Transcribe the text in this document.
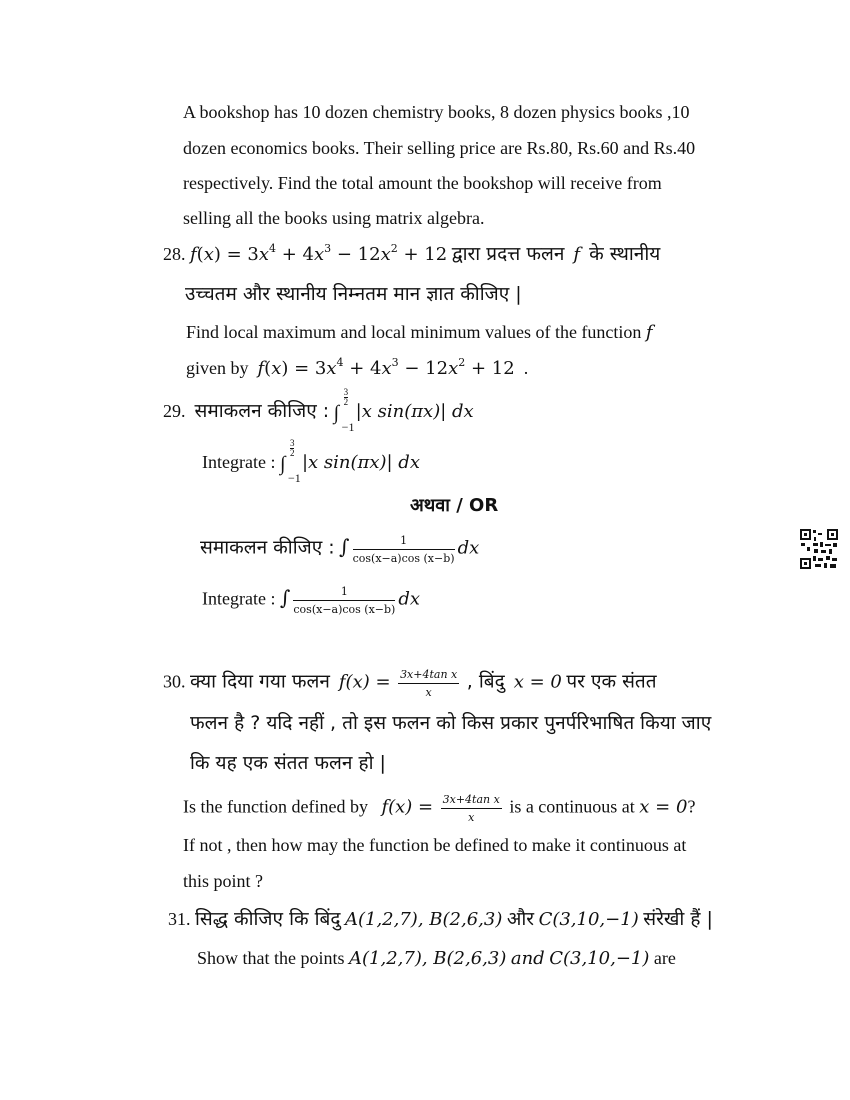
A bookshop has 10 dozen chemistry books, 8 dozen physics books ,10
dozen economics books. Their selling price are Rs.80, Rs.60 and Rs.40
respectively. Find the total amount the bookshop will receive from
selling all the books using matrix algebra.
28. $f(x) = 3x^4 + 4x^3 - 12x^2 + 12$ द्वारा प्रदत्त फलन f के स्थानीय
उच्चतम और स्थानीय निम्नतम मान ज्ञात कीजिए |
Find local maximum and local minimum values of the function f
given by $f(x) = 3x^4 + 4x^3 - 12x^2 + 12$ .
29. समाकलन कीजिए : ∫
3
2
−1
|x sin(πx)| dx
Integrate : ∫
3
2
−1
|x sin(πx)| dx
अथवा / OR
समाकलन कीजिए : ∫ $\frac{1}{\cos(x-a)\cos (x-b)}$ dx
Integrate : ∫ $\frac{1}{\cos(x-a)\cos (x-b)}$ dx
30. क्या दिया गया फलन $f(x) = \frac{\text{3x+4tan x}}{x}$ , बिंदु x = 0 पर एक संतत
फलन है ? यदि नहीं , तो इस फलन को किस प्रकार पुनर्परिभाषित किया जाए
कि यह एक संतत फलन हो |
Is the function defined by $f(x) = \frac{\text{3x+4tan x}}{x}$ is a continuous at x = 0?
If not , then how may the function be defined to make it continuous at
this point ?
31. सिद्ध कीजिए कि बिंदु A(1,2,7), B(2,6,3) और C(3,10,−1) संरेखी हैं |
Show that the points A(1,2,7), B(2,6,3) and C(3,10,−1) are
